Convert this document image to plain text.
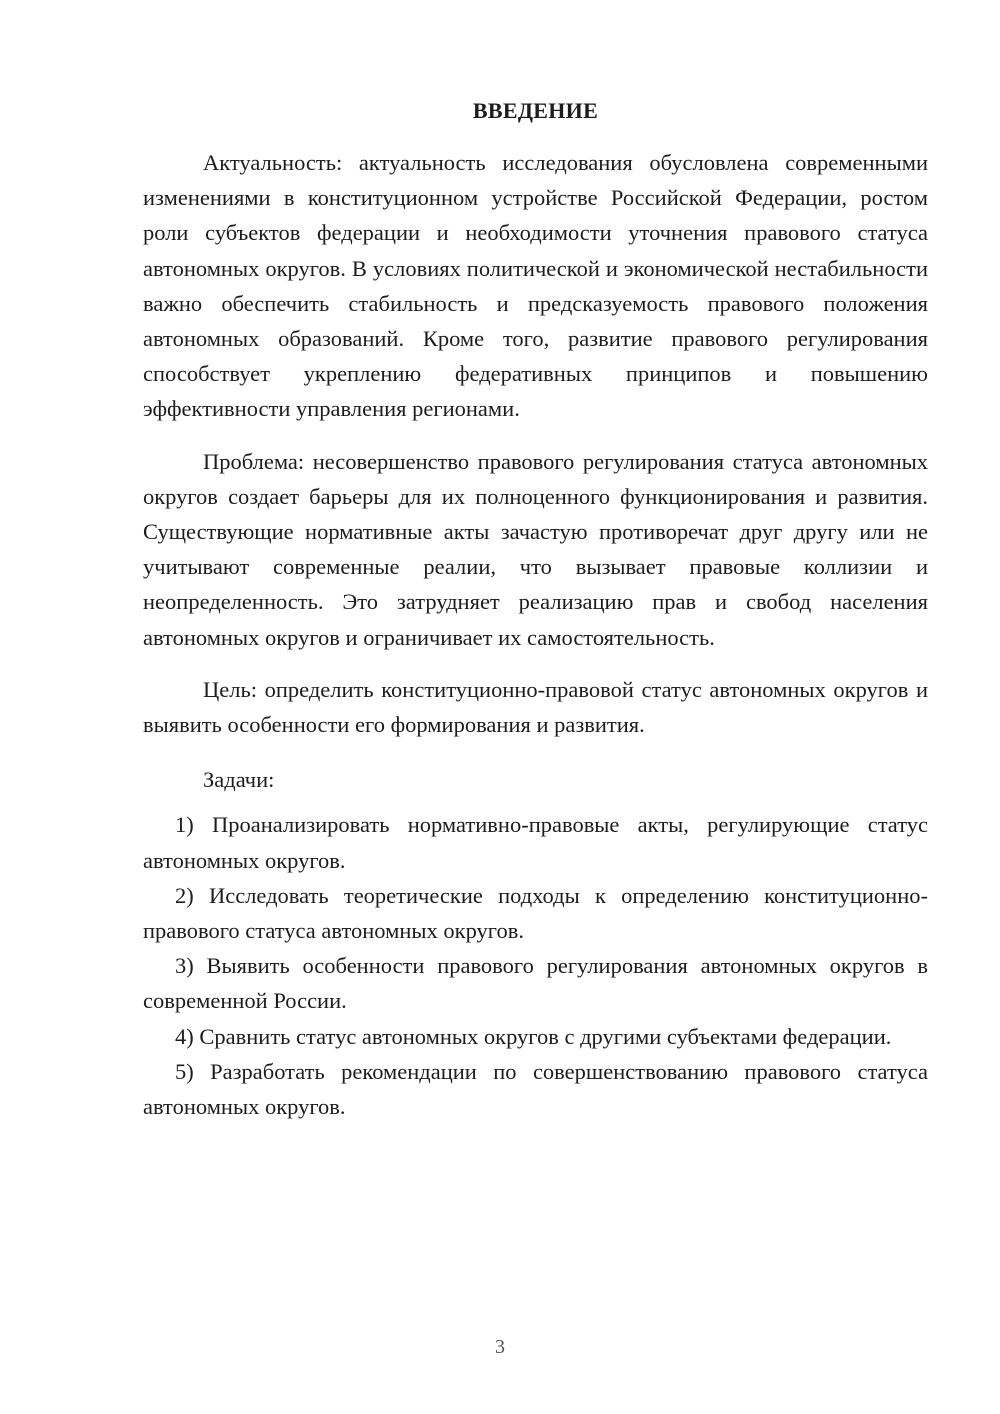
ВВЕДЕНИЕ

Актуальность: актуальность исследования обусловлена современными изменениями в конституционном устройстве Российской Федерации, ростом роли субъектов федерации и необходимости уточнения правового статуса автономных округов. В условиях политической и экономической нестабильности важно обеспечить стабильность и предсказуемость правового положения автономных образований. Кроме того, развитие правового регулирования способствует укреплению федеративных принципов и повышению эффективности управления регионами.

Проблема: несовершенство правового регулирования статуса автономных округов создает барьеры для их полноценного функционирования и развития. Существующие нормативные акты зачастую противоречат друг другу или не учитывают современные реалии, что вызывает правовые коллизии и неопределенность. Это затрудняет реализацию прав и свобод населения автономных округов и ограничивает их самостоятельность.

Цель: определить конституционно-правовой статус автономных округов и выявить особенности его формирования и развития.

Задачи:

1) Проанализировать нормативно-правовые акты, регулирующие статус автономных округов.

2) Исследовать теоретические подходы к определению конституционно-правового статуса автономных округов.

3) Выявить особенности правового регулирования автономных округов в современной России.

4) Сравнить статус автономных округов с другими субъектами федерации.

5) Разработать рекомендации по совершенствованию правового статуса автономных округов.

3
